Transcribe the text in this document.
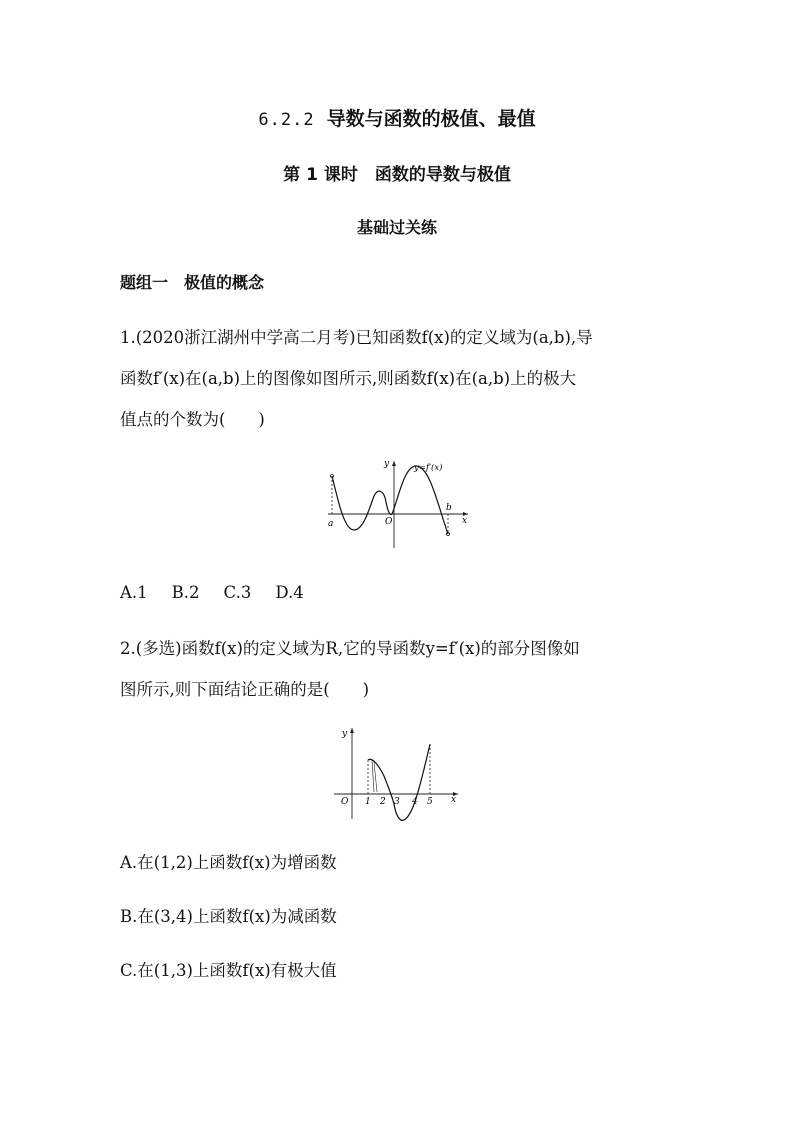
6.2.2 导数与函数的极值、最值
第 1 课时　函数的导数与极值
基础过关练
题组一　极值的概念
1.(2020浙江湖州中学高二月考)已知函数f(x)的定义域为(a,b),导
函数f′(x)在(a,b)上的图像如图所示,则函数f(x)在(a,b)上的极大
值点的个数为(　　)
y
x
O
a
b
y=f′(x)
A.1 B.2 C.3 D.4
2.(多选)函数f(x)的定义域为R,它的导函数y=f′(x)的部分图像如
图所示,则下面结论正确的是(　　)
y
x
O 1 2 3 4 5
A.在(1,2)上函数f(x)为增函数
B.在(3,4)上函数f(x)为减函数
C.在(1,3)上函数f(x)有极大值
